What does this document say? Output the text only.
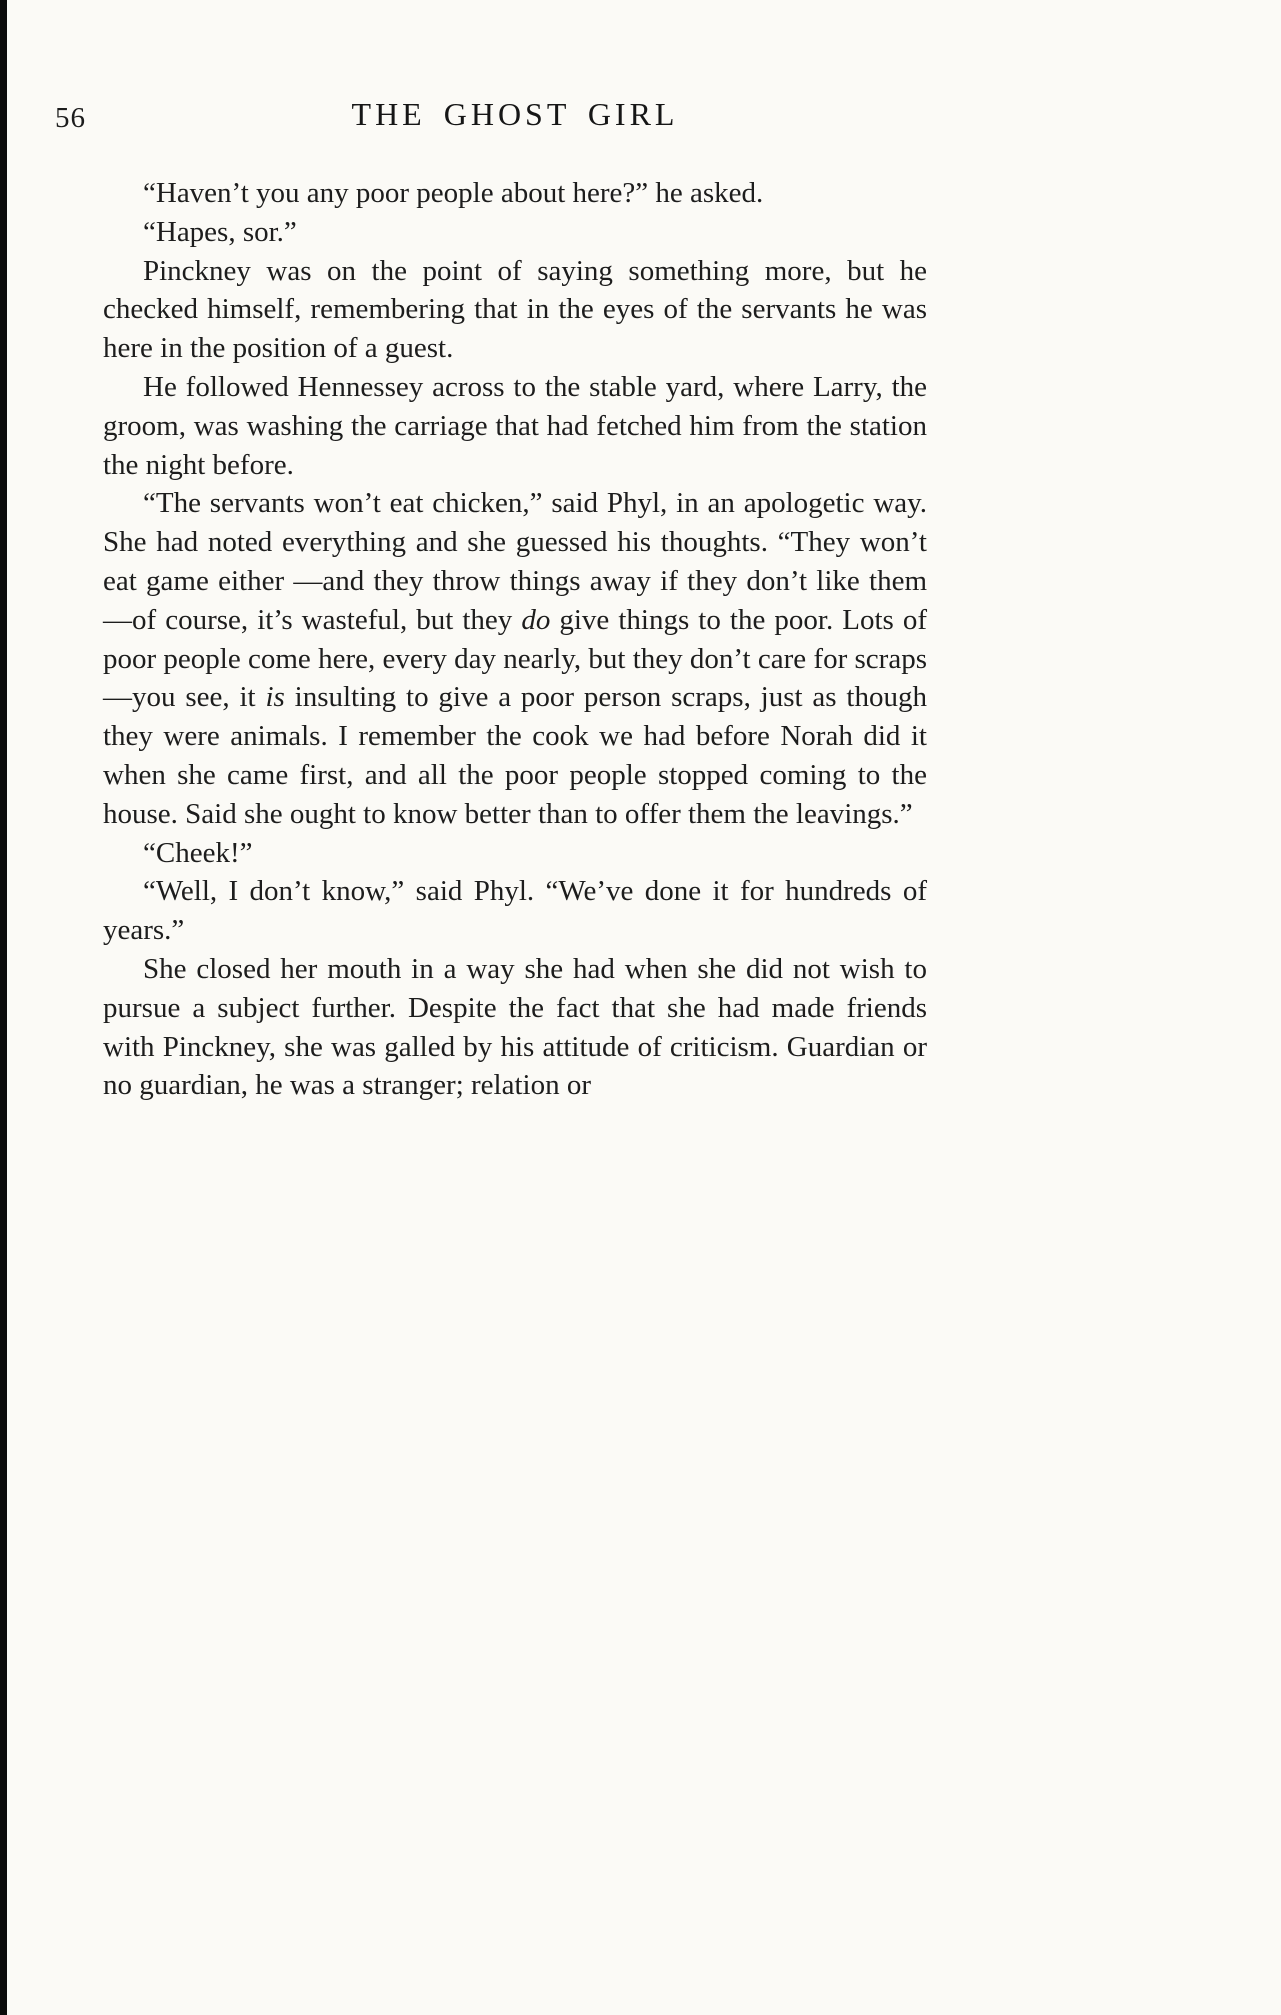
56	THE GHOST GIRL

“Haven’t you any poor people about here?” he asked.

“Hapes, sor.”

Pinckney was on the point of saying something more, but he checked himself, remembering that in the eyes of the servants he was here in the position of a guest.

He followed Hennessey across to the stable yard, where Larry, the groom, was washing the carriage that had fetched him from the station the night before.

“The servants won’t eat chicken,” said Phyl, in an apologetic way. She had noted everything and she guessed his thoughts. “They won’t eat game either —and they throw things away if they don’t like them —of course, it’s wasteful, but they do give things to the poor. Lots of poor people come here, every day nearly, but they don’t care for scraps—you see, it is insulting to give a poor person scraps, just as though they were animals. I remember the cook we had before Norah did it when she came first, and all the poor people stopped coming to the house. Said she ought to know better than to offer them the leavings.”

“Cheek!”

“Well, I don’t know,” said Phyl. “We’ve done it for hundreds of years.”

She closed her mouth in a way she had when she did not wish to pursue a subject further. Despite the fact that she had made friends with Pinckney, she was galled by his attitude of criticism. Guardian or no guardian, he was a stranger; relation or
